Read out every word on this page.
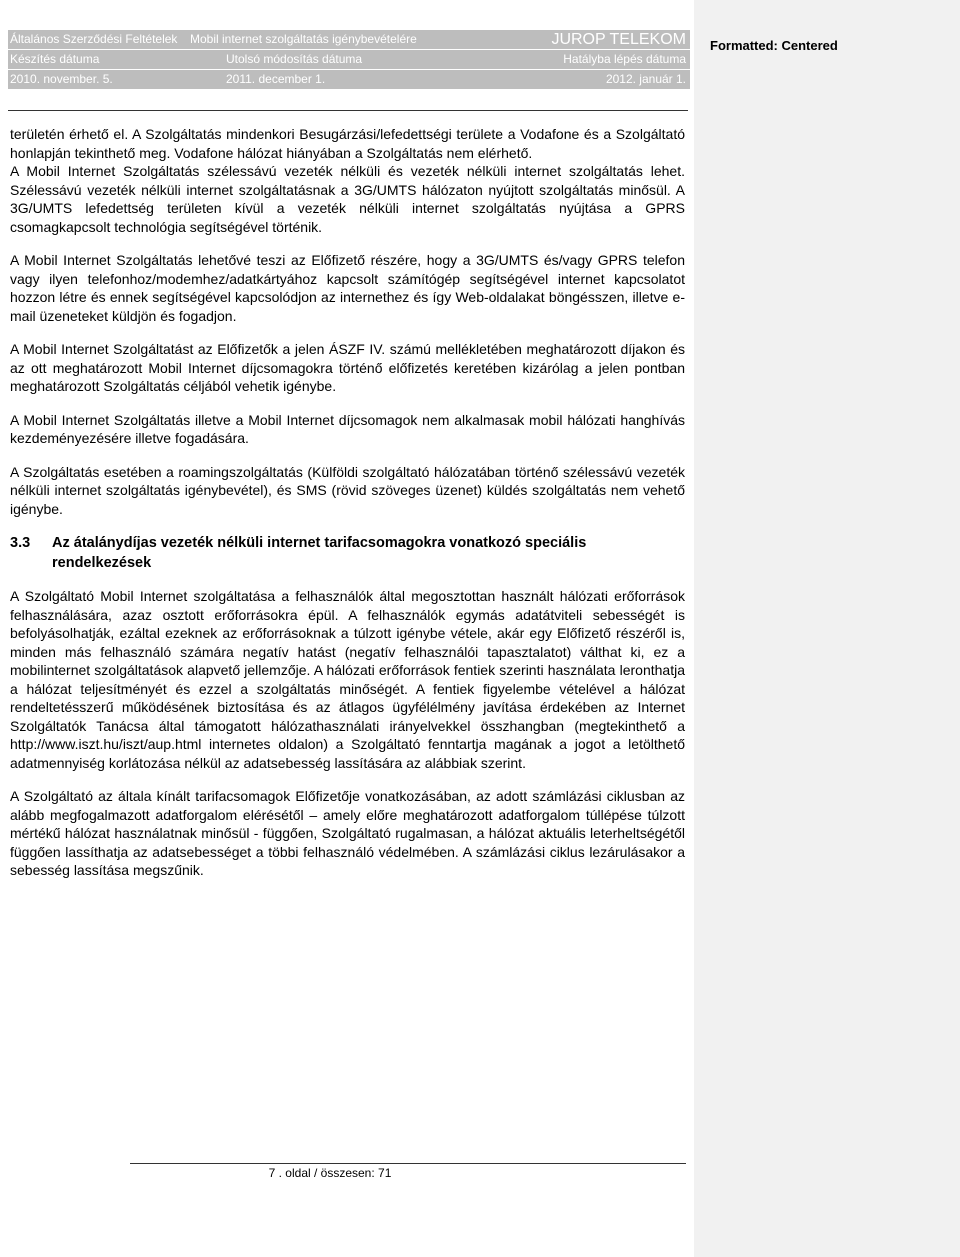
Formatted: Centered
Általános Szerződési Feltételek Mobil internet szolgáltatás igénybevételére	JUROP TELEKOM
Készítés dátuma	Utolsó módosítás dátuma	Hatályba lépés dátuma
2010. november. 5.	2011. december 1.	2012. január 1.

területén érhető el. A Szolgáltatás mindenkori Besugárzási/lefedettségi területe a Vodafone és a Szolgáltató honlapján tekinthető meg. Vodafone hálózat hiányában a Szolgáltatás nem elérhető.

A Mobil Internet Szolgáltatás szélessávú vezeték nélküli és vezeték nélküli internet szolgáltatás lehet. Szélessávú vezeték nélküli internet szolgáltatásnak a 3G/UMTS hálózaton nyújtott szolgáltatás minősül. A 3G/UMTS lefedettség területen kívül a vezeték nélküli internet szolgáltatás nyújtása a GPRS csomagkapcsolt technológia segítségével történik.

A Mobil Internet Szolgáltatás lehetővé teszi az Előfizető részére, hogy a 3G/UMTS és/vagy GPRS telefon vagy ilyen telefonhoz/modemhez/adatkártyához kapcsolt számítógép segítségével internet kapcsolatot hozzon létre és ennek segítségével kapcsolódjon az internethez és így Web-oldalakat böngésszen, illetve e-mail üzeneteket küldjön és fogadjon.

A Mobil Internet Szolgáltatást az Előfizetők a jelen ÁSZF IV. számú mellékletében meghatározott díjakon és az ott meghatározott Mobil Internet díjcsomagokra történő előfizetés keretében kizárólag a jelen pontban meghatározott Szolgáltatás céljából vehetik igénybe.

A Mobil Internet Szolgáltatás illetve a Mobil Internet díjcsomagok nem alkalmasak mobil hálózati hanghívás kezdeményezésére illetve fogadására.

A Szolgáltatás esetében a roamingszolgáltatás (Külföldi szolgáltató hálózatában történő szélessávú vezeték nélküli internet szolgáltatás igénybevétel), és SMS (rövid szöveges üzenet) küldés szolgáltatás nem vehető igénybe.

3.3	Az átalánydíjas vezeték nélküli internet tarifacsomagokra vonatkozó speciális rendelkezések

A Szolgáltató Mobil Internet szolgáltatása a felhasználók által megosztottan használt hálózati erőforrások felhasználására, azaz osztott erőforrásokra épül. A felhasználók egymás adatátviteli sebességét is befolyásolhatják, ezáltal ezeknek az erőforrásoknak a túlzott igénybe vétele, akár egy Előfizető részéről is, minden más felhasználó számára negatív hatást (negatív felhasználói tapasztalatot) válthat ki, ez a mobilinternet szolgáltatások alapvető jellemzője. A hálózati erőforrások fentiek szerinti használata leronthatja a hálózat teljesítményét és ezzel a szolgáltatás minőségét. A fentiek figyelembe vételével a hálózat rendeltetésszerű működésének biztosítása és az átlagos ügyfélélmény javítása érdekében az Internet Szolgáltatók Tanácsa által támogatott hálózathasználati irányelvekkel összhangban (megtekinthető a http://www.iszt.hu/iszt/aup.html internetes oldalon) a Szolgáltató fenntartja magának a jogot a letölthető adatmennyiség korlátozása nélkül az adatsebesség lassítására az alábbiak szerint.

A Szolgáltató az általa kínált tarifacsomagok Előfizetője vonatkozásában, az adott számlázási ciklusban az alább megfogalmazott adatforgalom elérésétől – amely előre meghatározott adatforgalom túllépése túlzott mértékű hálózat használatnak minősül - függően, Szolgáltató rugalmasan, a hálózat aktuális leterheltségétől függően lassíthatja az adatsebességet a többi felhasználó védelmében. A számlázási ciklus lezárulásakor a sebesség lassítása megszűnik.

7 . oldal / összesen: 71
